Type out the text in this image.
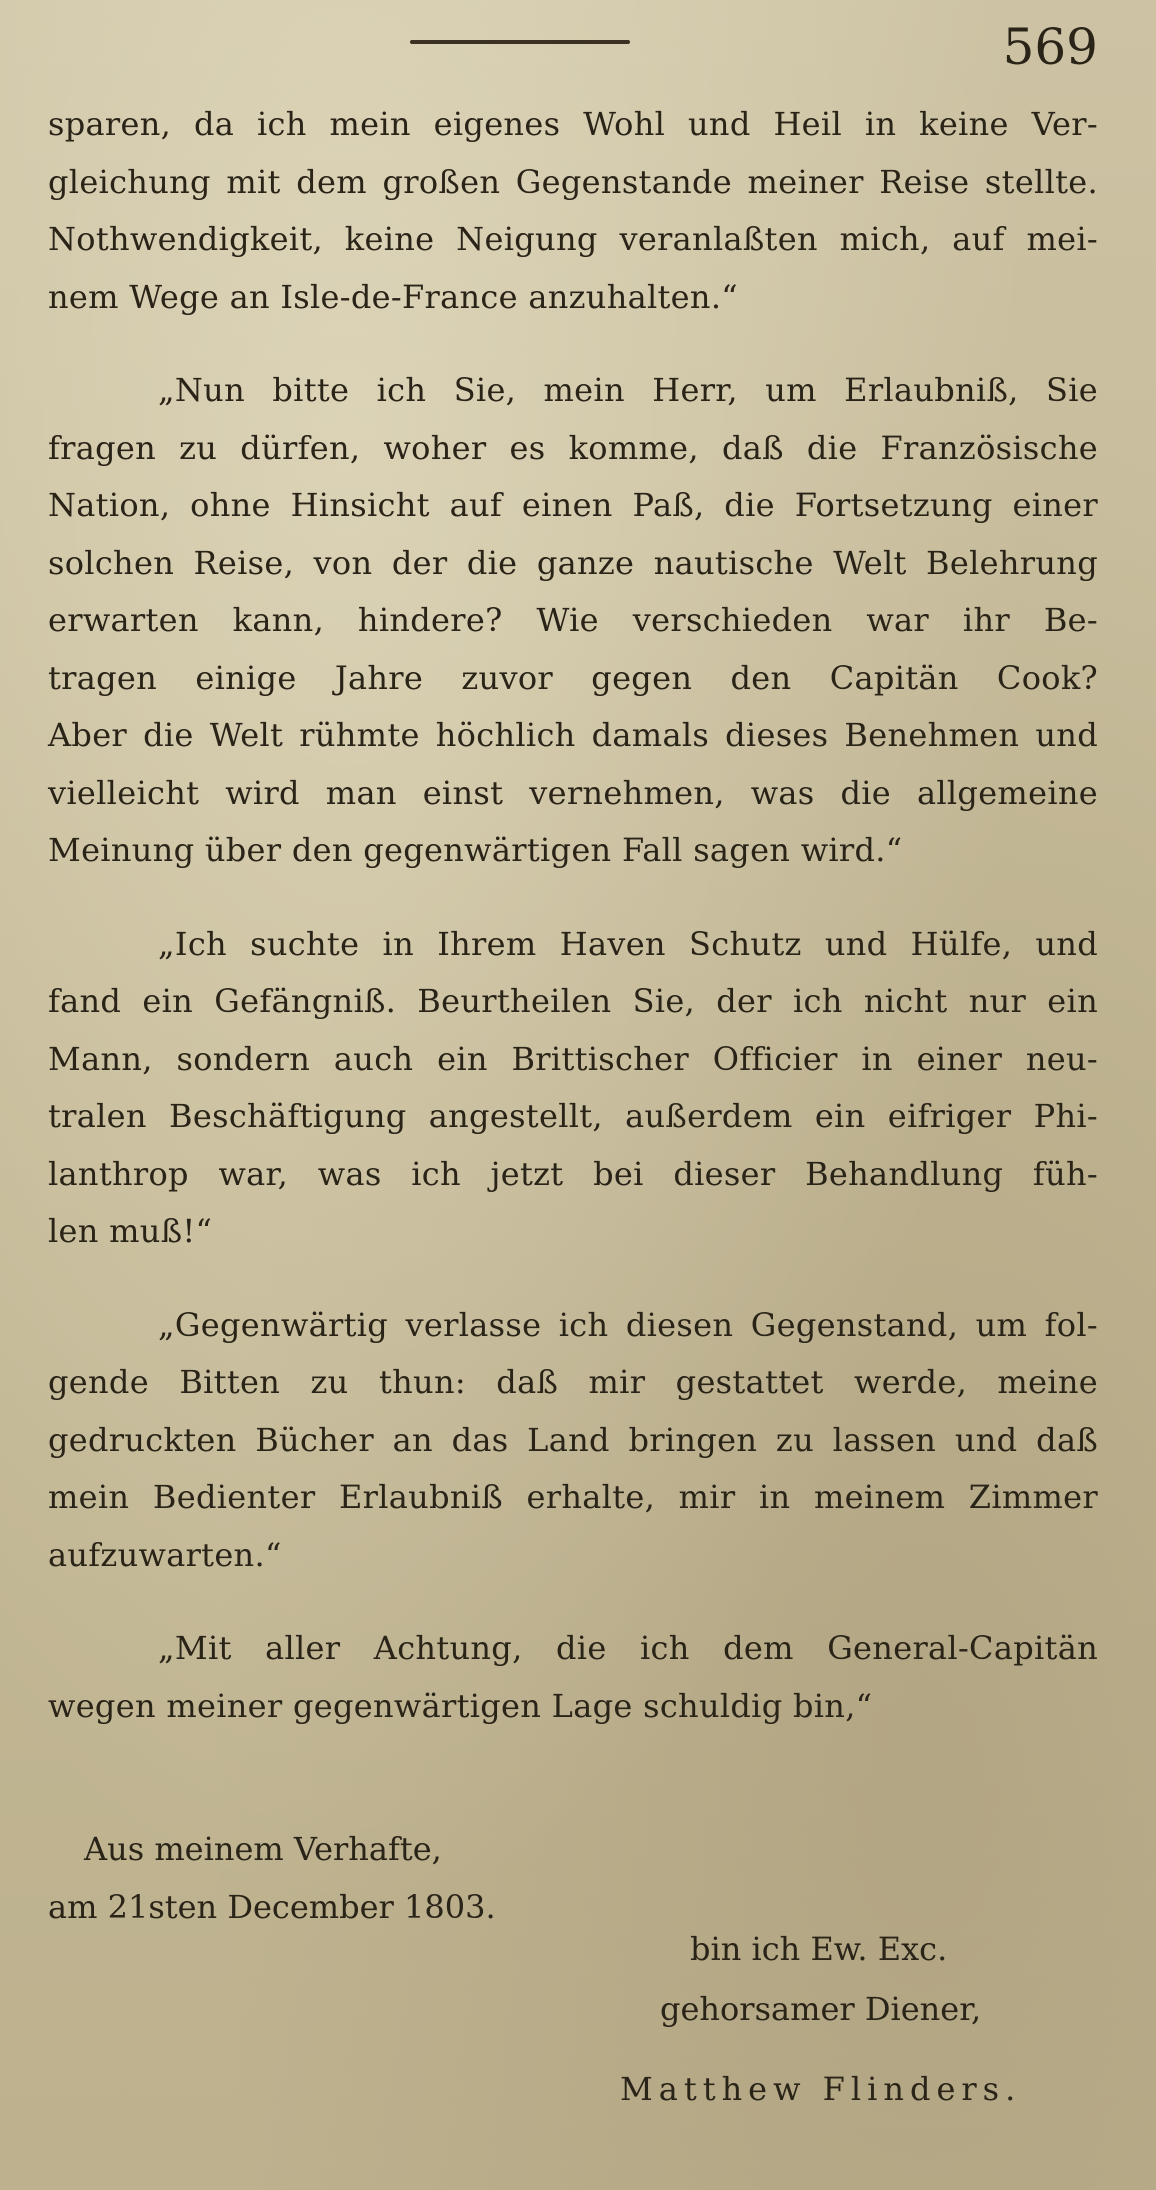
569
sparen, da ich mein eigenes Wohl und Heil in keine Ver-
gleichung mit dem großen Gegenstande meiner Reise stellte.
Nothwendigkeit, keine Neigung veranlaßten mich, auf mei-
nem Wege an Isle-de-France anzuhalten.“
„Nun bitte ich Sie, mein Herr, um Erlaubniß, Sie
fragen zu dürfen, woher es komme, daß die Französische
Nation, ohne Hinsicht auf einen Paß, die Fortsetzung einer
solchen Reise, von der die ganze nautische Welt Belehrung
erwarten kann, hindere? Wie verschieden war ihr Be-
tragen einige Jahre zuvor gegen den Capitän Cook?
Aber die Welt rühmte höchlich damals dieses Benehmen und
vielleicht wird man einst vernehmen, was die allgemeine
Meinung über den gegenwärtigen Fall sagen wird.“
„Ich suchte in Ihrem Haven Schutz und Hülfe, und
fand ein Gefängniß. Beurtheilen Sie, der ich nicht nur ein
Mann, sondern auch ein Brittischer Officier in einer neu-
tralen Beschäftigung angestellt, außerdem ein eifriger Phi-
lanthrop war, was ich jetzt bei dieser Behandlung füh-
len muß!“
„Gegenwärtig verlasse ich diesen Gegenstand, um fol-
gende Bitten zu thun: daß mir gestattet werde, meine
gedruckten Bücher an das Land bringen zu lassen und daß
mein Bedienter Erlaubniß erhalte, mir in meinem Zimmer
aufzuwarten.“
„Mit aller Achtung, die ich dem General-Capitän
wegen meiner gegenwärtigen Lage schuldig bin,“
Aus meinem Verhafte,
am 21sten December 1803.
bin ich Ew. Exc.
gehorsamer Diener,
Matthew Flinders.
